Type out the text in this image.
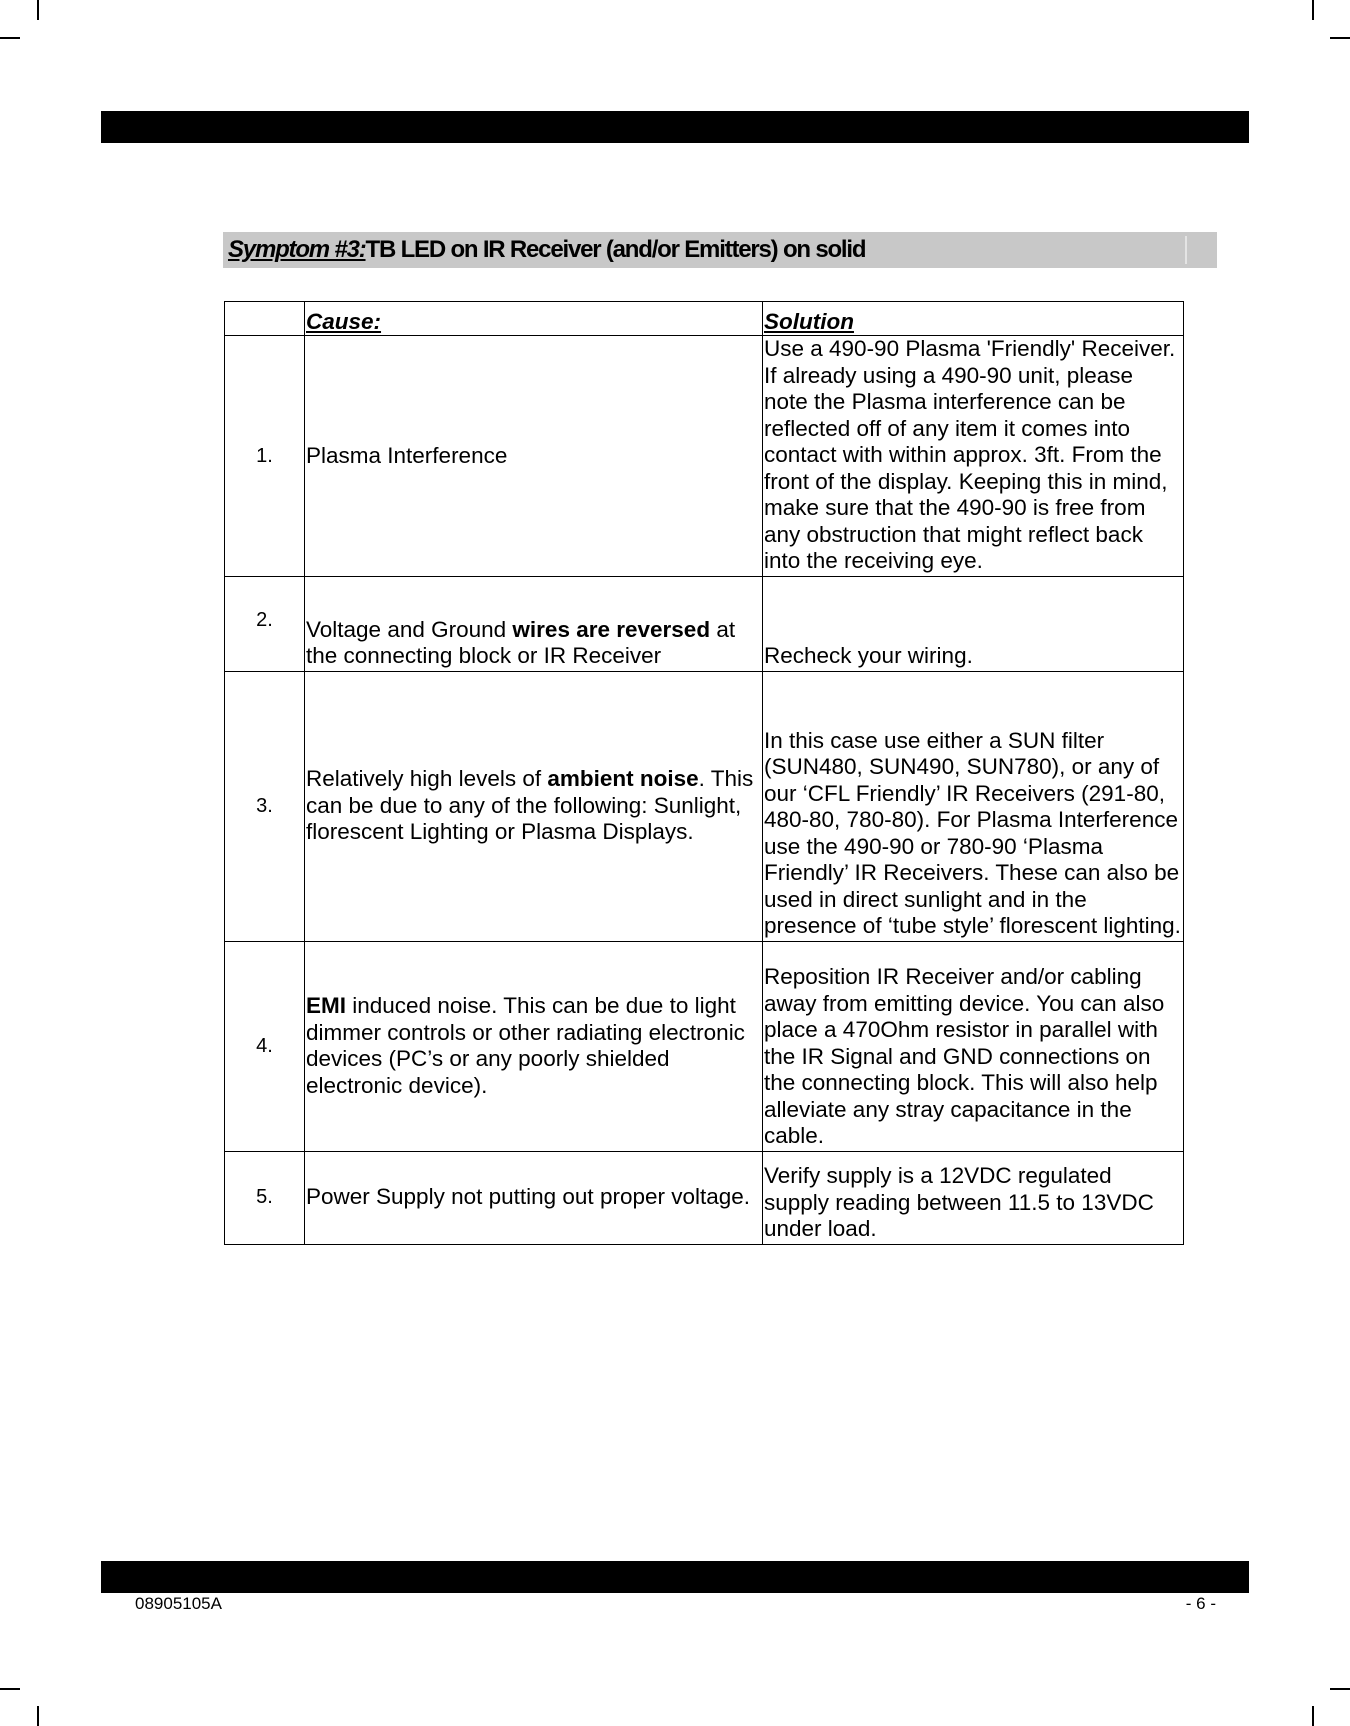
Symptom #3:TB LED on IR Receiver (and/or Emitters) on solid
	Cause:	Solution
1.	Plasma Interference	Use a 490-90 Plasma 'Friendly' Receiver. If already using a 490-90 unit, please note the Plasma interference can be reflected off of any item it comes into contact with within approx. 3ft. From the front of the display. Keeping this in mind, make sure that the 490-90 is free from any obstruction that might reflect back into the receiving eye.
2.	Voltage and Ground wires are reversed at the connecting block or IR Receiver	Recheck your wiring.
3.	Relatively high levels of ambient noise. This can be due to any of the following: Sunlight, florescent Lighting or Plasma Displays.	In this case use either a SUN filter (SUN480, SUN490, SUN780), or any of our ‘CFL Friendly’ IR Receivers (291-80, 480-80, 780-80). For Plasma Interference use the 490-90 or 780-90 ‘Plasma Friendly’ IR Receivers. These can also be used in direct sunlight and in the presence of ‘tube style’ florescent lighting.
4.	EMI induced noise. This can be due to light dimmer controls or other radiating electronic devices (PC’s or any poorly shielded electronic device).	Reposition IR Receiver and/or cabling away from emitting device. You can also place a 470Ohm resistor in parallel with the IR Signal and GND connections on the connecting block. This will also help alleviate any stray capacitance in the cable.
5.	Power Supply not putting out proper voltage.	Verify supply is a 12VDC regulated supply reading between 11.5 to 13VDC under load.
08905105A	- 6 -
